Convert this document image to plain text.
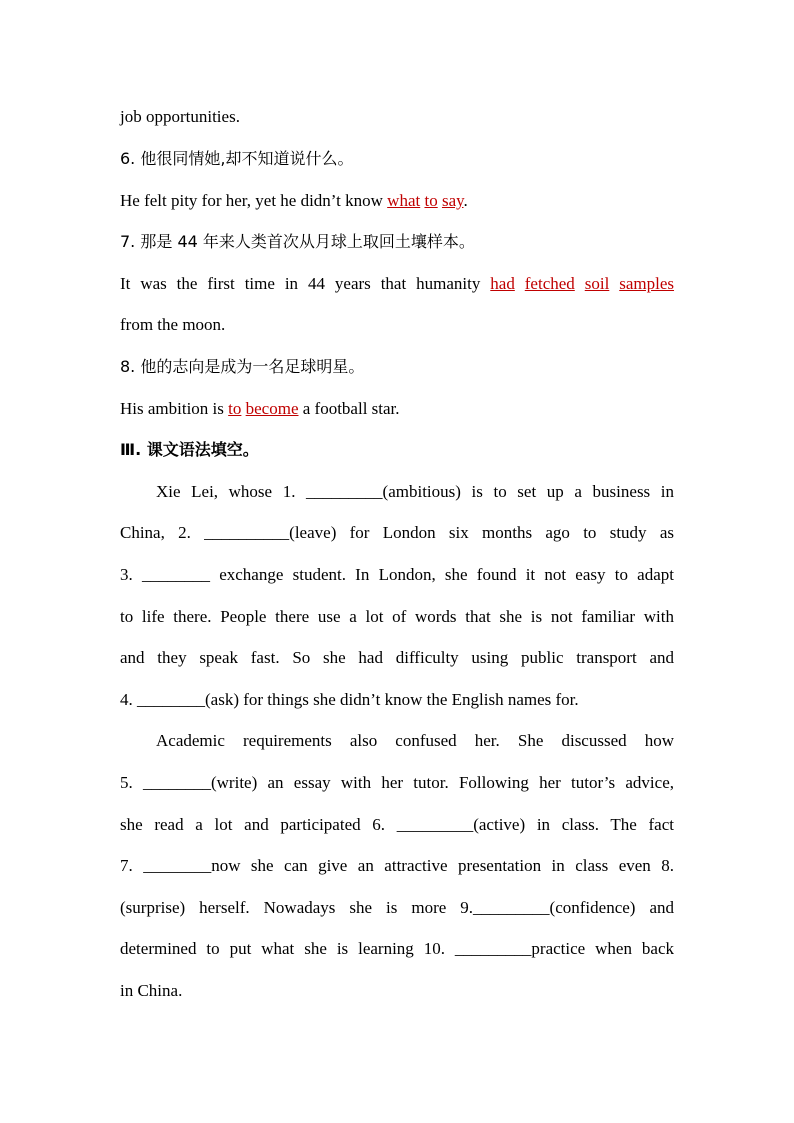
job opportunities.
6. 他很同情她,却不知道说什么。
He felt pity for her, yet he didn’t know what to say.
7. 那是 44 年来人类首次从月球上取回土壤样本。
It was the first time in 44 years that humanity had fetched soil samples
from the moon.
8. 他的志向是成为一名足球明星。
His ambition is to become a football star.
Ⅲ. 课文语法填空。
Xie Lei, whose 1. _________(ambitious) is to set up a business in
China, 2. __________(leave) for London six months ago to study as
3. ________ exchange student. In London, she found it not easy to adapt
to life there. People there use a lot of words that she is not familiar with
and they speak fast. So she had difficulty using public transport and
4. ________(ask) for things she didn’t know the English names for.
Academic requirements also confused her. She discussed how
5. ________(write) an essay with her tutor. Following her tutor’s advice,
she read a lot and participated 6. _________(active) in class. The fact
7. ________now she can give an attractive presentation in class even 8.
(surprise) herself. Nowadays she is more 9._________(confidence) and
determined to put what she is learning 10. _________practice when back
in China.
